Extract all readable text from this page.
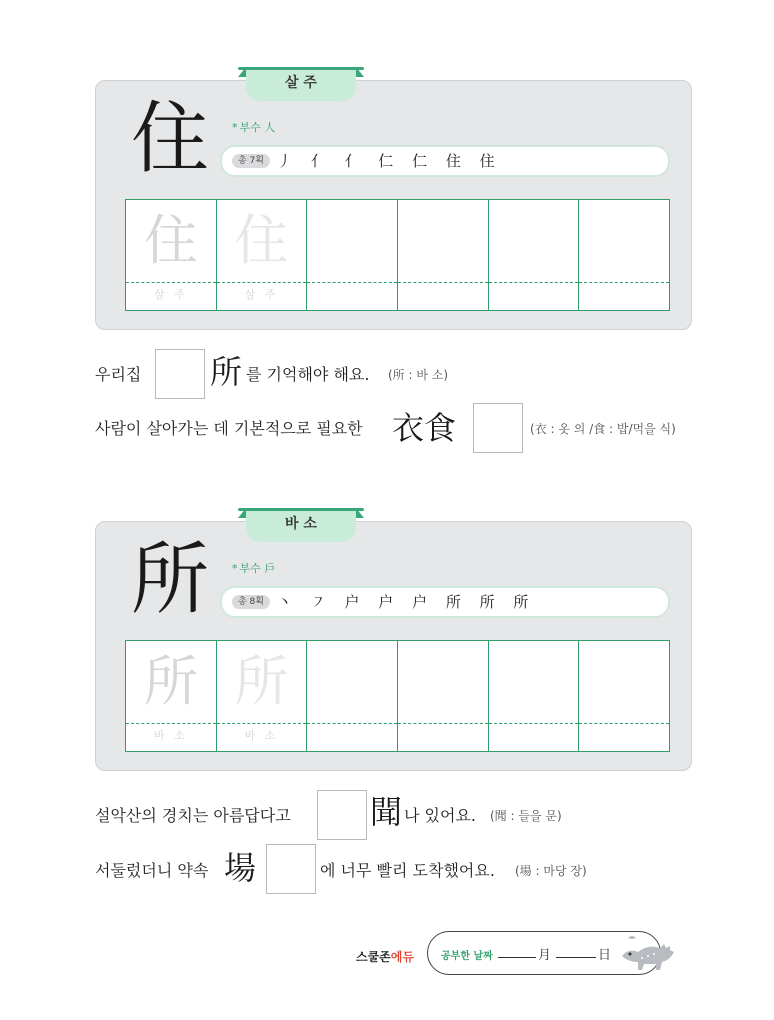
살 주
住 * 부수 人
총 7획 丿 亻 亻 仁 仁 住 住
住
살 주
住
살 주
우리집 所 를 기억해야 해요. (所 : 바 소)
사람이 살아가는 데 기본적으로 필요한 衣食	(衣 : 옷 의 /食 : 밥/먹을 식)
바 소
所 * 부수 戶
총 8획 丶 ㇇ 户 户 户 所 所 所
所
바 소
所
바 소
설악산의 경치는 아름답다고 聞 나 있어요. (聞 : 들을 문)
서둘렀더니 약속 場	에 너무 빨리 도착했어요. (場 : 마당 장)
스쿨존에듀	공부한 날짜	月	日
